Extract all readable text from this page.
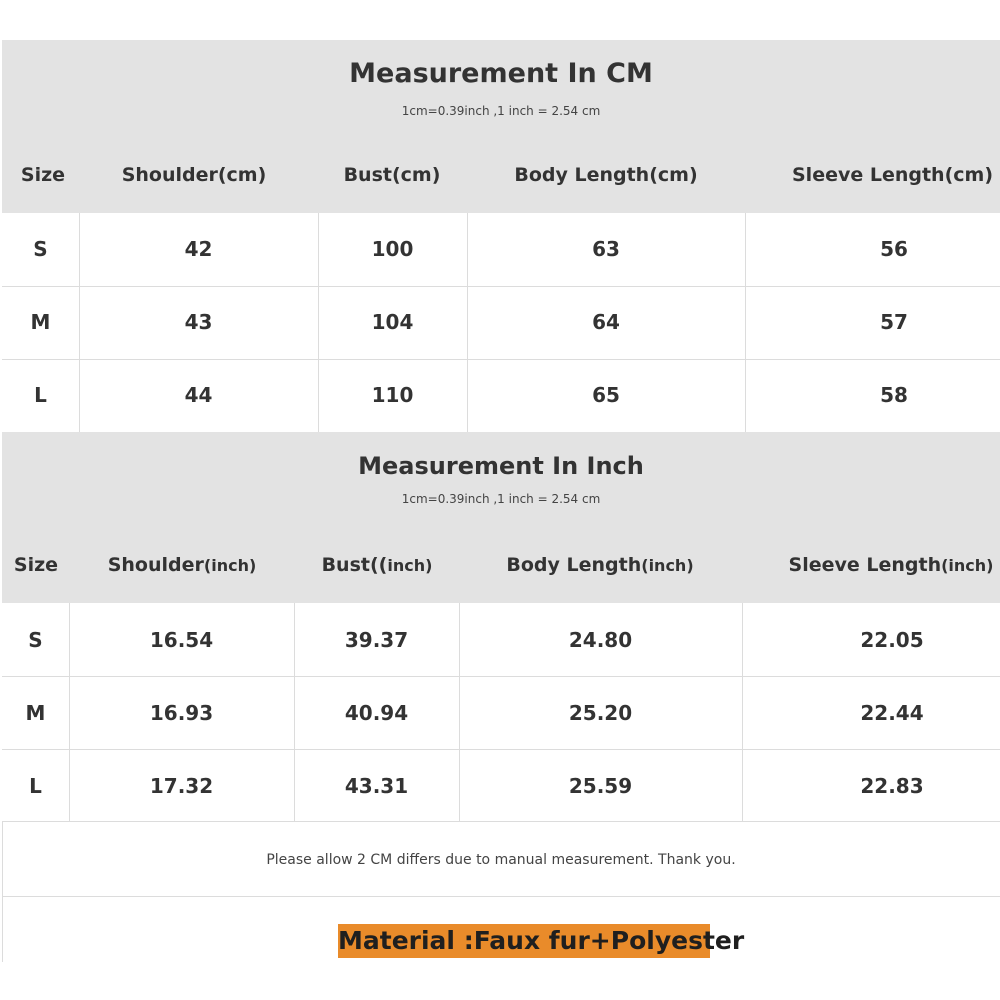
Measurement In CM
1cm=0.39inch ,1 inch = 2.54 cm
Size	Shoulder(cm)	Bust(cm)	Body Length(cm)	Sleeve Length(cm)
S	42	100	63	56
M	43	104	64	57
L	44	110	65	58
Measurement In Inch
1cm=0.39inch ,1 inch = 2.54 cm
Size	Shoulder(inch)	Bust((inch)	Body Length(inch)	Sleeve Length(inch)
S	16.54	39.37	24.80	22.05
M	16.93	40.94	25.20	22.44
L	17.32	43.31	25.59	22.83
Please allow 2 CM differs due to manual measurement. Thank you.
Material :Faux fur+Polyester
